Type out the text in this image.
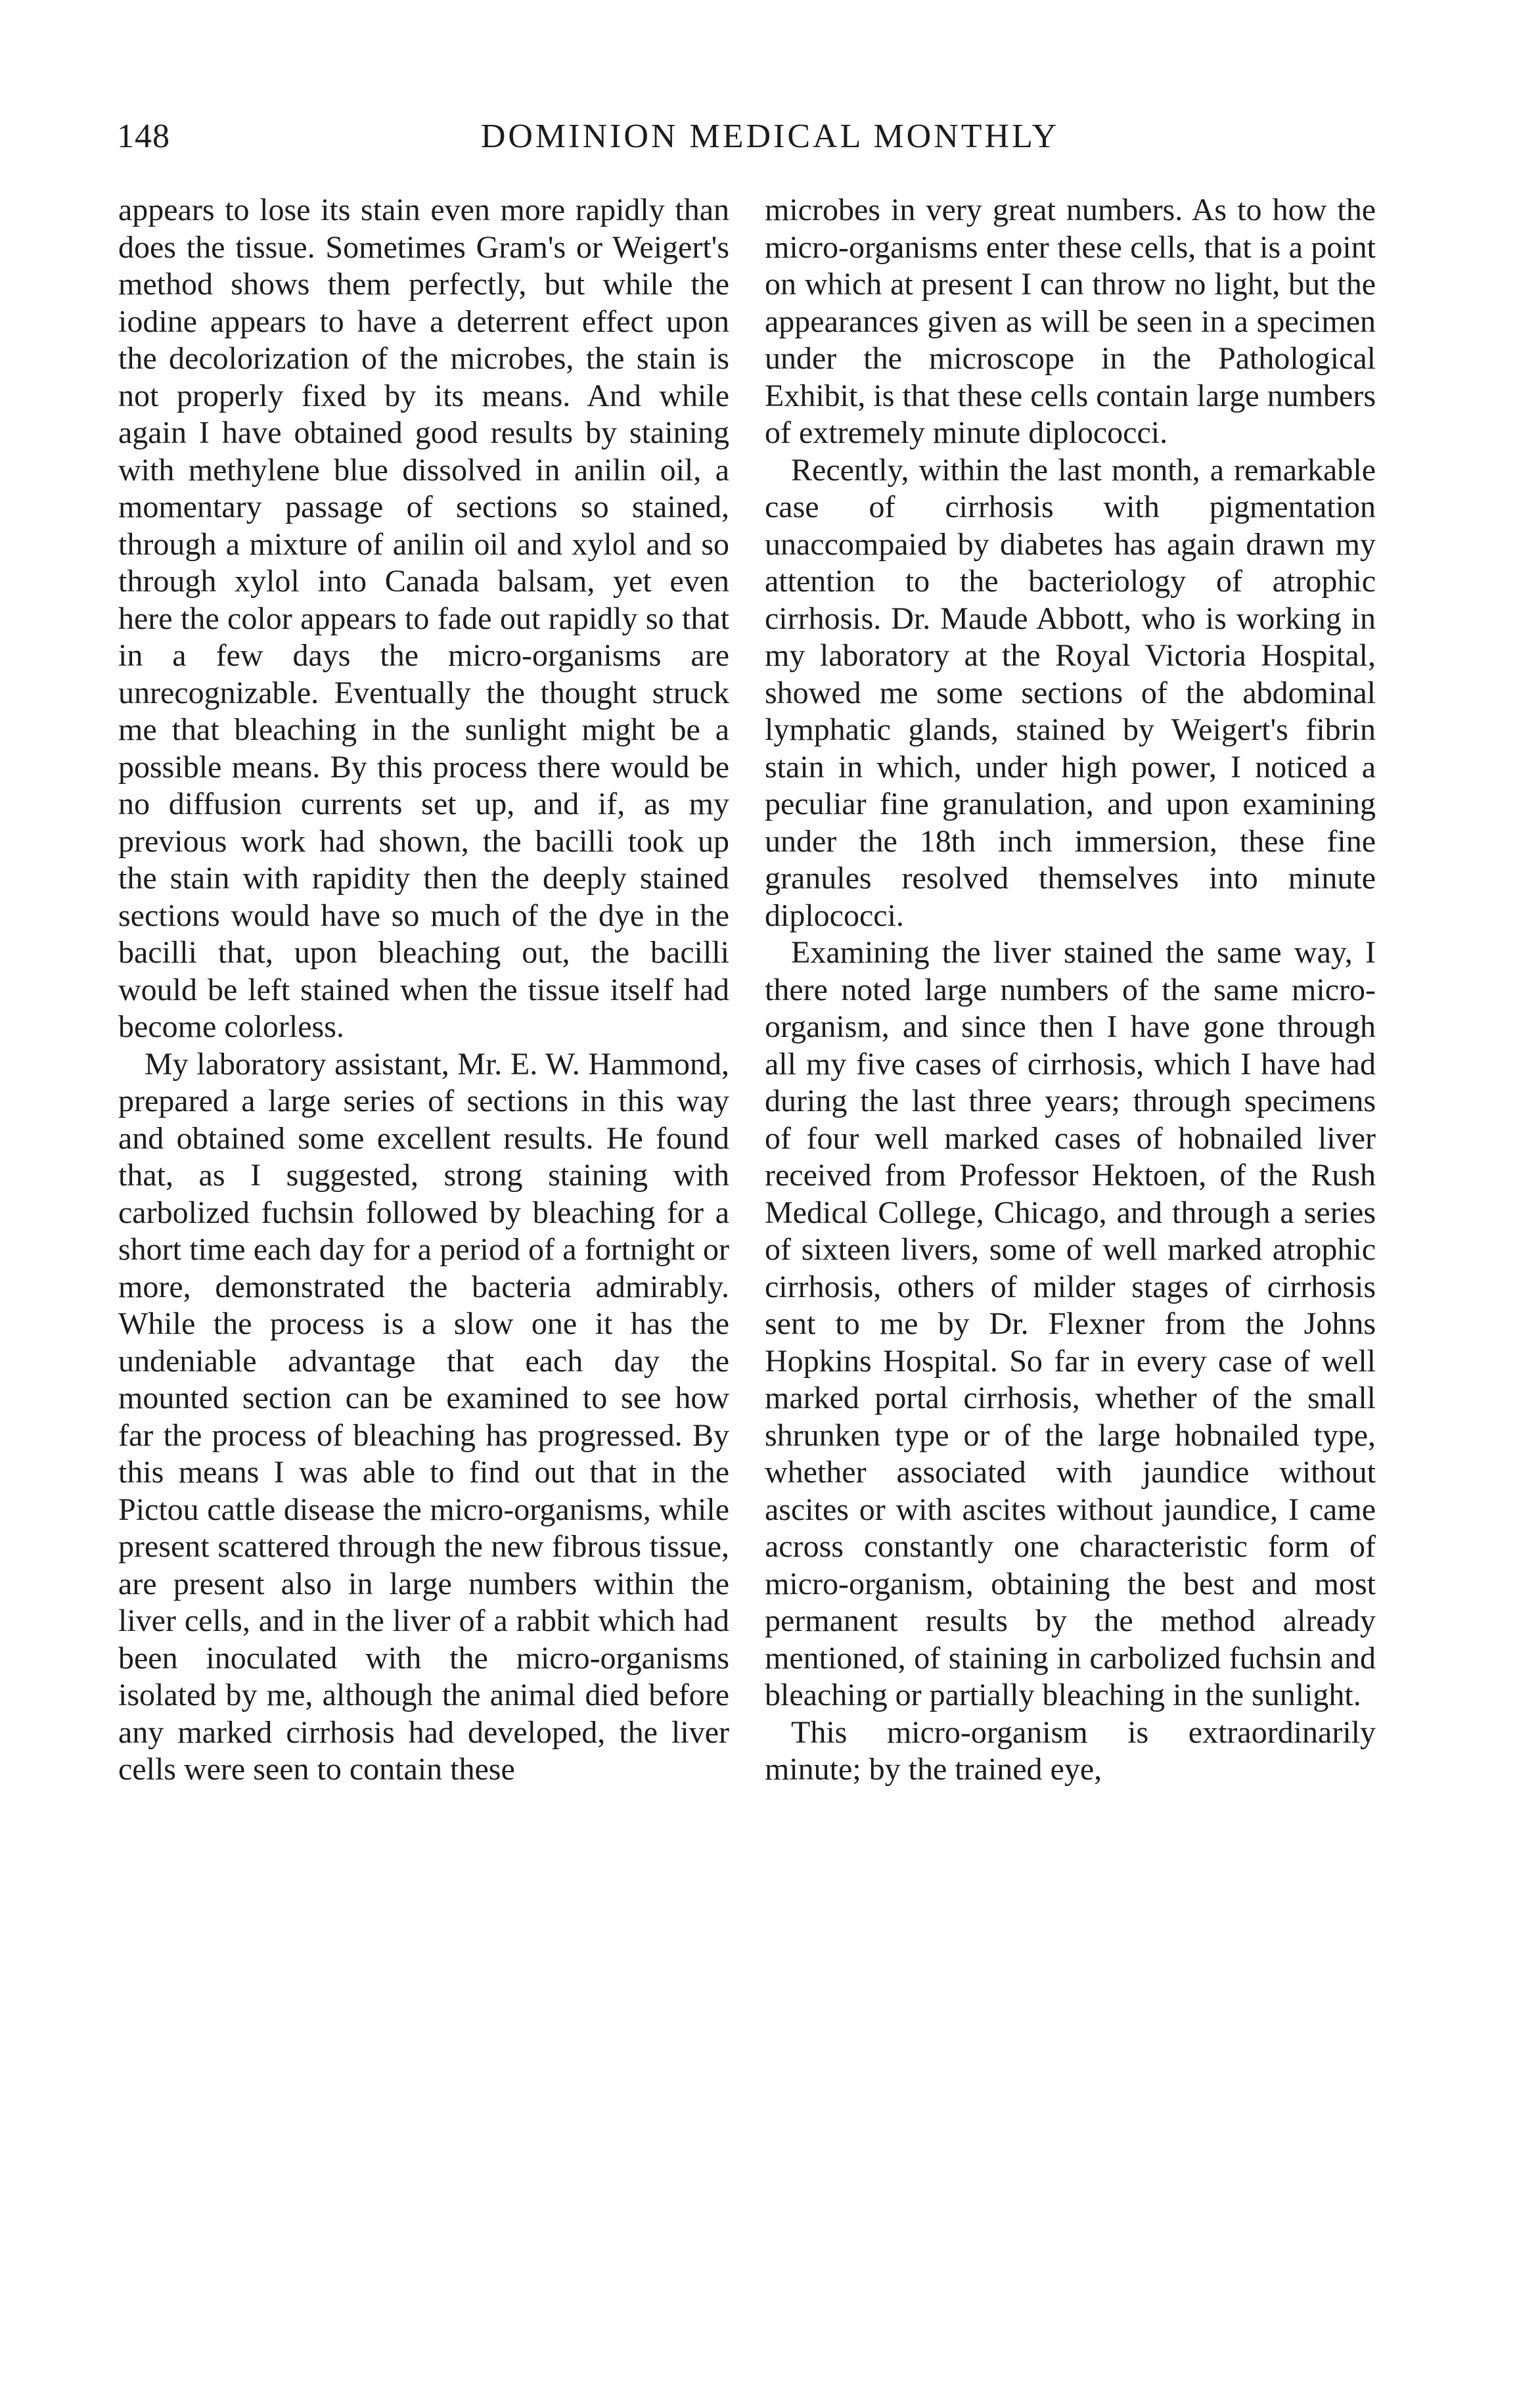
148	DOMINION MEDICAL MONTHLY

appears to lose its stain even more rapidly than does the tissue. Sometimes Gram's or Weigert's method shows them perfectly, but while the iodine appears to have a deterrent effect upon the decolorization of the microbes, the stain is not properly fixed by its means. And while again I have obtained good results by staining with methylene blue dissolved in anilin oil, a momentary passage of sections so stained, through a mixture of anilin oil and xylol and so through xylol into Canada balsam, yet even here the color appears to fade out rapidly so that in a few days the micro-organisms are unrecognizable. Eventually the thought struck me that bleaching in the sunlight might be a possible means. By this process there would be no diffusion currents set up, and if, as my previous work had shown, the bacilli took up the stain with rapidity then the deeply stained sections would have so much of the dye in the bacilli that, upon bleaching out, the bacilli would be left stained when the tissue itself had become colorless.

My laboratory assistant, Mr. E. W. Hammond, prepared a large series of sections in this way and obtained some excellent results. He found that, as I suggested, strong staining with carbolized fuchsin followed by bleaching for a short time each day for a period of a fortnight or more, demonstrated the bacteria admirably. While the process is a slow one it has the undeniable advantage that each day the mounted section can be examined to see how far the process of bleaching has progressed. By this means I was able to find out that in the Pictou cattle disease the micro-organisms, while present scattered through the new fibrous tissue, are present also in large numbers within the liver cells, and in the liver of a rabbit which had been inoculated with the micro-organisms isolated by me, although the animal died before any marked cirrhosis had developed, the liver cells were seen to contain these

microbes in very great numbers. As to how the micro-organisms enter these cells, that is a point on which at present I can throw no light, but the appearances given as will be seen in a specimen under the microscope in the Pathological Exhibit, is that these cells contain large numbers of extremely minute diplococci.

Recently, within the last month, a remarkable case of cirrhosis with pigmentation unaccompaied by diabetes has again drawn my attention to the bacteriology of atrophic cirrhosis. Dr. Maude Abbott, who is working in my laboratory at the Royal Victoria Hospital, showed me some sections of the abdominal lymphatic glands, stained by Weigert's fibrin stain in which, under high power, I noticed a peculiar fine granulation, and upon examining under the 18th inch immersion, these fine granules resolved themselves into minute diplococci.

Examining the liver stained the same way, I there noted large numbers of the same micro-organism, and since then I have gone through all my five cases of cirrhosis, which I have had during the last three years; through specimens of four well marked cases of hobnailed liver received from Professor Hektoen, of the Rush Medical College, Chicago, and through a series of sixteen livers, some of well marked atrophic cirrhosis, others of milder stages of cirrhosis sent to me by Dr. Flexner from the Johns Hopkins Hospital. So far in every case of well marked portal cirrhosis, whether of the small shrunken type or of the large hobnailed type, whether associated with jaundice without ascites or with ascites without jaundice, I came across constantly one characteristic form of micro-organism, obtaining the best and most permanent results by the method already mentioned, of staining in carbolized fuchsin and bleaching or partially bleaching in the sunlight.

This micro-organism is extraordinarily minute; by the trained eye,
